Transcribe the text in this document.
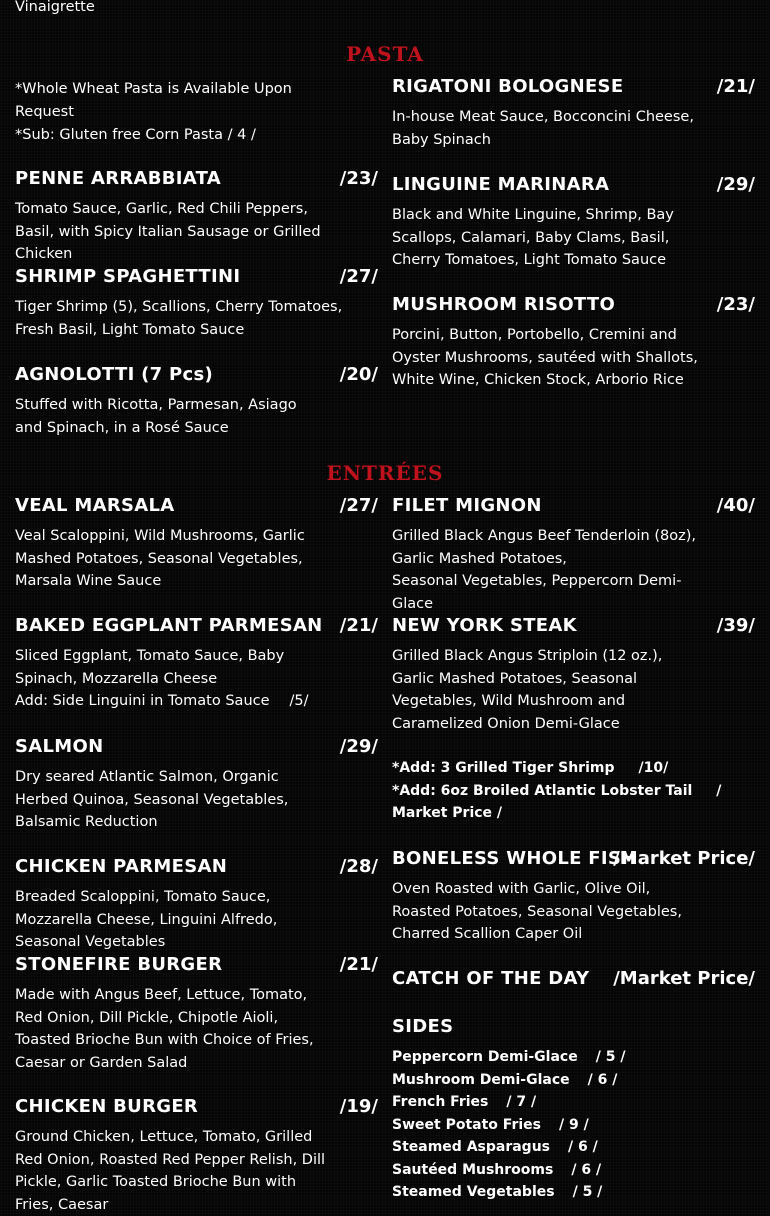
Vinaigrette
PASTA
*Whole Wheat Pasta is Available Upon Request
*Sub: Gluten free Corn Pasta / 4 /
RIGATONI BOLOGNESE	/21/
In-house Meat Sauce, Bocconcini Cheese, Baby Spinach
PENNE ARRABBIATA	/23/
Tomato Sauce, Garlic, Red Chili Peppers, Basil, with Spicy Italian Sausage or Grilled Chicken
LINGUINE MARINARA	/29/
Black and White Linguine, Shrimp, Bay Scallops, Calamari, Baby Clams, Basil, Cherry Tomatoes, Light Tomato Sauce
SHRIMP SPAGHETTINI	/27/
Tiger Shrimp (5), Scallions, Cherry Tomatoes, Fresh Basil, Light Tomato Sauce
MUSHROOM RISOTTO	/23/
Porcini, Button, Portobello, Cremini and Oyster Mushrooms, sautéed with Shallots, White Wine, Chicken Stock, Arborio Rice
AGNOLOTTI (7 Pcs)	/20/
Stuffed with Ricotta, Parmesan, Asiago and Spinach, in a Rosé Sauce
ENTRÉES
VEAL MARSALA	/27/
Veal Scaloppini, Wild Mushrooms, Garlic Mashed Potatoes, Seasonal Vegetables, Marsala Wine Sauce
FILET MIGNON	/40/
Grilled Black Angus Beef Tenderloin (8oz), Garlic Mashed Potatoes,
Seasonal Vegetables, Peppercorn Demi-Glace
BAKED EGGPLANT PARMESAN /21/
Sliced Eggplant, Tomato Sauce, Baby Spinach, Mozzarella Cheese
Add: Side Linguini in Tomato Sauce /5/
NEW YORK STEAK	/39/
Grilled Black Angus Striploin (12 oz.), Garlic Mashed Potatoes, Seasonal Vegetables, Wild Mushroom and Caramelized Onion Demi-Glace
*Add: 3 Grilled Tiger Shrimp /10/
*Add: 6oz Broiled Atlantic Lobster Tail /
Market Price /
SALMON	/29/
Dry seared Atlantic Salmon, Organic Herbed Quinoa, Seasonal Vegetables, Balsamic Reduction
CHICKEN PARMESAN	/28/
Breaded Scaloppini, Tomato Sauce, Mozzarella Cheese, Linguini Alfredo, Seasonal Vegetables
BONELESS WHOLE FISH
/Market Price/
Oven Roasted with Garlic, Olive Oil, Roasted Potatoes, Seasonal Vegetables, Charred Scallion Caper Oil
STONEFIRE BURGER	/21/
Made with Angus Beef, Lettuce, Tomato, Red Onion, Dill Pickle, Chipotle Aioli, Toasted Brioche Bun with Choice of Fries, Caesar or Garden Salad
CATCH OF THE DAY /Market Price/
CHICKEN BURGER	/19/
Ground Chicken, Lettuce, Tomato, Grilled Red Onion, Roasted Red Pepper Relish, Dill Pickle, Garlic Toasted Brioche Bun with Fries, Caesar
SIDES
Peppercorn Demi-Glace / 5 /
Mushroom Demi-Glace / 6 /
French Fries / 7 /
Sweet Potato Fries / 9 /
Steamed Asparagus / 6 /
Sautéed Mushrooms / 6 /
Steamed Vegetables / 5 /
